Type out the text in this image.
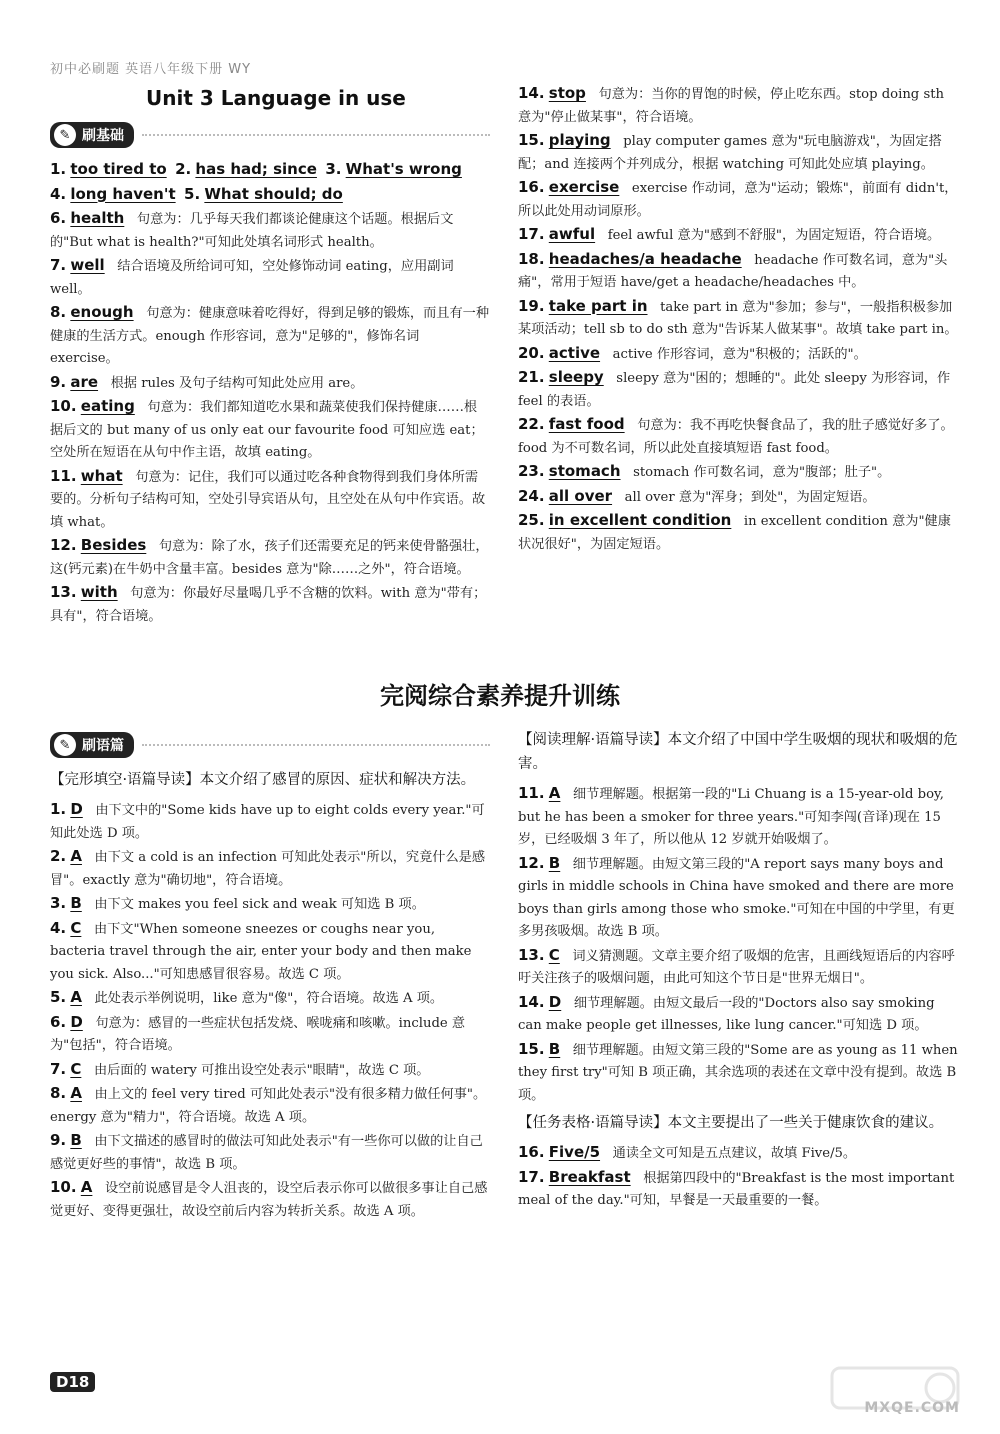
初中必刷题 英语八年级下册 WY
Unit 3 Language in use
✎ 刷基础
1. too tired to 2. has had; since 3. What's wrong
4. long haven't 5. What should; do
6. health 句意为：几乎每天我们都谈论健康这个话题。根据后文的"But what is health?"可知此处填名词形式 health。
7. well 结合语境及所给词可知，空处修饰动词 eating，应用副词 well。
8. enough 句意为：健康意味着吃得好，得到足够的锻炼，而且有一种健康的生活方式。enough 作形容词，意为"足够的"，修饰名词 exercise。
9. are 根据 rules 及句子结构可知此处应用 are。
10. eating 句意为：我们都知道吃水果和蔬菜使我们保持健康……根据后文的 but many of us only eat our favourite food 可知应选 eat；空处所在短语在从句中作主语，故填 eating。
11. what 句意为：记住，我们可以通过吃各种食物得到我们身体所需要的。分析句子结构可知，空处引导宾语从句，且空处在从句中作宾语。故填 what。
12. Besides 句意为：除了水，孩子们还需要充足的钙来使骨骼强壮，这(钙元素)在牛奶中含量丰富。besides 意为"除……之外"，符合语境。
13. with 句意为：你最好尽量喝几乎不含糖的饮料。with 意为"带有；具有"，符合语境。
14. stop 句意为：当你的胃饱的时候，停止吃东西。stop doing sth 意为"停止做某事"，符合语境。
15. playing play computer games 意为"玩电脑游戏"，为固定搭配；and 连接两个并列成分，根据 watching 可知此处应填 playing。
16. exercise exercise 作动词，意为"运动；锻炼"，前面有 didn't，所以此处用动词原形。
17. awful feel awful 意为"感到不舒服"，为固定短语，符合语境。
18. headaches/a headache headache 作可数名词，意为"头痛"，常用于短语 have/get a headache/headaches 中。
19. take part in take part in 意为"参加；参与"，一般指积极参加某项活动；tell sb to do sth 意为"告诉某人做某事"。故填 take part in。
20. active active 作形容词，意为"积极的；活跃的"。
21. sleepy sleepy 意为"困的；想睡的"。此处 sleepy 为形容词，作 feel 的表语。
22. fast food 句意为：我不再吃快餐食品了，我的肚子感觉好多了。food 为不可数名词，所以此处直接填短语 fast food。
23. stomach stomach 作可数名词，意为"腹部；肚子"。
24. all over all over 意为"浑身；到处"，为固定短语。
25. in excellent condition in excellent condition 意为"健康状况很好"，为固定短语。
完阅综合素养提升训练
✎ 刷语篇
【完形填空·语篇导读】本文介绍了感冒的原因、症状和解决方法。
1. D 由下文中的"Some kids have up to eight colds every year."可知此处选 D 项。
2. A 由下文 a cold is an infection 可知此处表示"所以，究竟什么是感冒"。exactly 意为"确切地"，符合语境。
3. B 由下文 makes you feel sick and weak 可知选 B 项。
4. C 由下文"When someone sneezes or coughs near you, bacteria travel through the air, enter your body and then make you sick. Also..."可知患感冒很容易。故选 C 项。
5. A 此处表示举例说明，like 意为"像"，符合语境。故选 A 项。
6. D 句意为：感冒的一些症状包括发烧、喉咙痛和咳嗽。include 意为"包括"，符合语境。
7. C 由后面的 watery 可推出设空处表示"眼睛"，故选 C 项。
8. A 由上文的 feel very tired 可知此处表示"没有很多精力做任何事"。energy 意为"精力"，符合语境。故选 A 项。
9. B 由下文描述的感冒时的做法可知此处表示"有一些你可以做的让自己感觉更好些的事情"，故选 B 项。
10. A 设空前说感冒是令人沮丧的，设空后表示你可以做很多事让自己感觉更好、变得更强壮，故设空前后内容为转折关系。故选 A 项。
【阅读理解·语篇导读】本文介绍了中国中学生吸烟的现状和吸烟的危害。
11. A 细节理解题。根据第一段的"Li Chuang is a 15-year-old boy, but he has been a smoker for three years."可知李闯(音译)现在 15 岁，已经吸烟 3 年了，所以他从 12 岁就开始吸烟了。
12. B 细节理解题。由短文第三段的"A report says many boys and girls in middle schools in China have smoked and there are more boys than girls among those who smoke."可知在中国的中学里，有更多男孩吸烟。故选 B 项。
13. C 词义猜测题。文章主要介绍了吸烟的危害，且画线短语后的内容呼吁关注孩子的吸烟问题，由此可知这个节日是"世界无烟日"。
14. D 细节理解题。由短文最后一段的"Doctors also say smoking can make people get illnesses, like lung cancer."可知选 D 项。
15. B 细节理解题。由短文第三段的"Some are as young as 11 when they first try"可知 B 项正确，其余选项的表述在文章中没有提到。故选 B 项。
【任务表格·语篇导读】本文主要提出了一些关于健康饮食的建议。
16. Five/5 通读全文可知是五点建议，故填 Five/5。
17. Breakfast 根据第四段中的"Breakfast is the most important meal of the day."可知，早餐是一天最重要的一餐。
D18
MXQE.COM
